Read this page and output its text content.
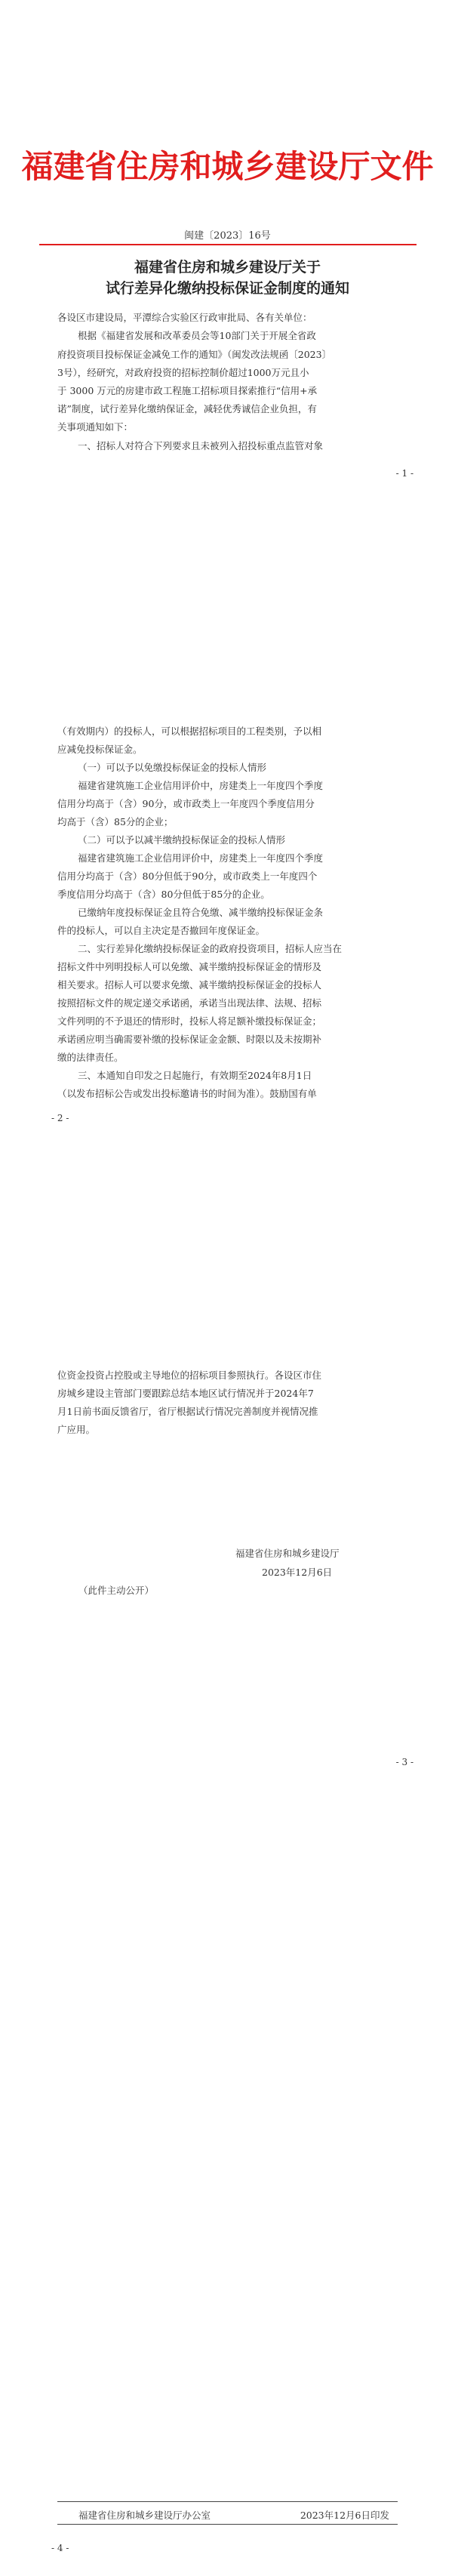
福建省住房和城乡建设厅文件
闽建〔2023〕16号
福建省住房和城乡建设厅关于
试行差异化缴纳投标保证金制度的通知
各设区市建设局，平潭综合实验区行政审批局、各有关单位：
根据《福建省发展和改革委员会等10部门关于开展全省政
府投资项目投标保证金减免工作的通知》（闽发改法规函〔2023〕
3号），经研究，对政府投资的招标控制价超过1000万元且小
于 3000 万元的房建市政工程施工招标项目探索推行“信用+承
诺”制度，试行差异化缴纳保证金，减轻优秀诚信企业负担，有
关事项通知如下：
一、招标人对符合下列要求且未被列入招投标重点监管对象
- 1 -
（有效期内）的投标人，可以根据招标项目的工程类别，予以相
应减免投标保证金。
（一）可以予以免缴投标保证金的投标人情形
福建省建筑施工企业信用评价中，房建类上一年度四个季度
信用分均高于（含）90分，或市政类上一年度四个季度信用分
均高于（含）85分的企业；
（二）可以予以减半缴纳投标保证金的投标人情形
福建省建筑施工企业信用评价中，房建类上一年度四个季度
信用分均高于（含）80分但低于90分，或市政类上一年度四个
季度信用分均高于（含）80分但低于85分的企业。
已缴纳年度投标保证金且符合免缴、减半缴纳投标保证金条
件的投标人，可以自主决定是否撤回年度保证金。
二、实行差异化缴纳投标保证金的政府投资项目，招标人应当在
招标文件中列明投标人可以免缴、减半缴纳投标保证金的情形及
相关要求。招标人可以要求免缴、减半缴纳投标保证金的投标人
按照招标文件的规定递交承诺函，承诺当出现法律、法规、招标
文件列明的不予退还的情形时，投标人将足额补缴投标保证金；
承诺函应明当确需要补缴的投标保证金金额、时限以及未按期补
缴的法律责任。
三、本通知自印发之日起施行，有效期至2024年8月1日
（以发布招标公告或发出投标邀请书的时间为准）。鼓励国有单
- 2 -
位资金投资占控股或主导地位的招标项目参照执行。各设区市住
房城乡建设主管部门要跟踪总结本地区试行情况并于2024年7
月1日前书面反馈省厅，省厅根据试行情况完善制度并视情况推
广应用。
福建省住房和城乡建设厅
2023年12月6日
（此件主动公开）
- 3 -
福建省住房和城乡建设厅办公室	2023年12月6日印发
- 4 -
